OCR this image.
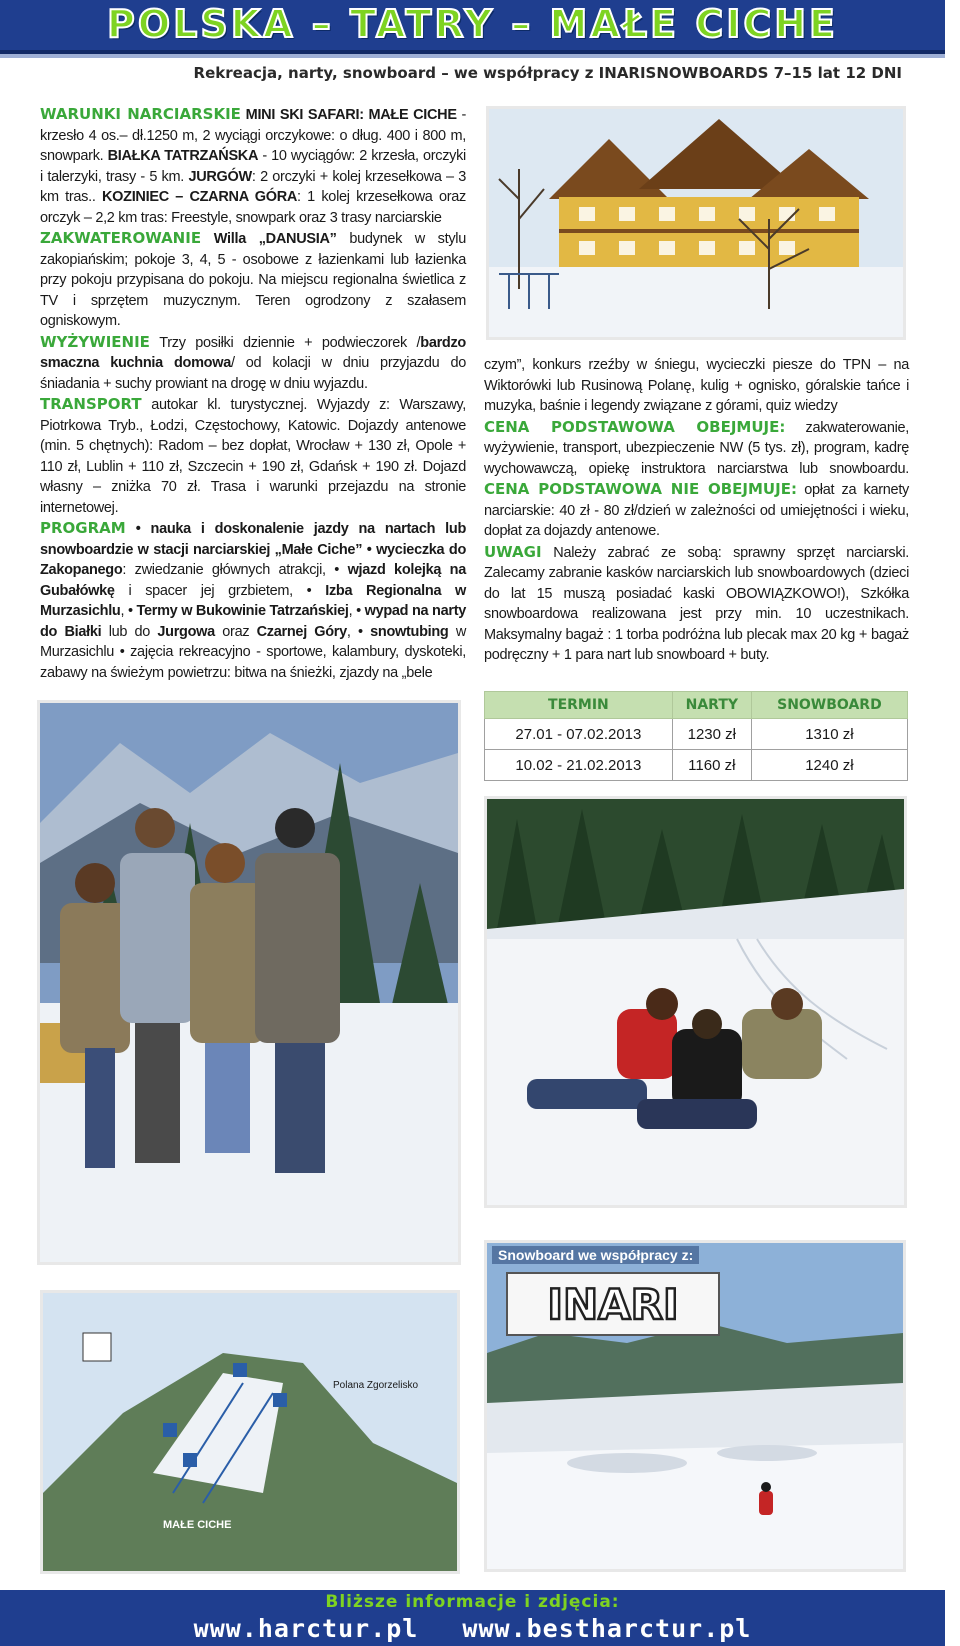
POLSKA – TATRY – MAŁE CICHE
Rekreacja, narty, snowboard – we współpracy z INARISNOWBOARDS 7–15 lat 12 DNI

WARUNKI NARCIARSKIE MINI SKI SAFARI: MAŁE CICHE - krzesło 4 os.– dł.1250 m, 2 wyciągi orczykowe: o dług. 400 i 800 m, snowpark. BIAŁKA TATRZAŃSKA - 10 wyciągów: 2 krzesła, orczyki i talerzyki, trasy - 5 km. JURGÓW: 2 orczyki + kolej krzesełkowa – 3 km tras.. KOZINIEC – CZARNA GÓRA: 1 kolej krzesełkowa oraz orczyk – 2,2 km tras: Freestyle, snowpark oraz 3 trasy narciarskie

ZAKWATEROWANIE Willa „DANUSIA” budynek w stylu zakopiańskim; pokoje 3, 4, 5 - osobowe z łazienkami lub łazienka przy pokoju przypisana do pokoju. Na miejscu regionalna świetlica z TV i sprzętem muzycznym. Teren ogrodzony z szałasem ogniskowym.

WYŻYWIENIE Trzy posiłki dziennie + podwieczorek /bardzo smaczna kuchnia domowa/ od kolacji w dniu przyjazdu do śniadania + suchy prowiant na drogę w dniu wyjazdu.

TRANSPORT autokar kl. turystycznej. Wyjazdy z: Warszawy, Piotrkowa Tryb., Łodzi, Częstochowy, Katowic. Dojazdy antenowe (min. 5 chętnych): Radom – bez dopłat, Wrocław + 130 zł, Opole + 110 zł, Lublin + 110 zł, Szczecin + 190 zł, Gdańsk + 190 zł. Dojazd własny – zniżka 70 zł. Trasa i warunki przejazdu na stronie internetowej.

PROGRAM • nauka i doskonalenie jazdy na nartach lub snowboardzie w stacji narciarskiej „Małe Ciche” • wycieczka do Zakopanego: zwiedzanie głównych atrakcji, • wjazd kolejką na Gubałówkę i spacer jej grzbietem, • Izba Regionalna w Murzasichlu, • Termy w Bukowinie Tatrzańskiej, • wypad na narty do Białki lub do Jurgowa oraz Czarnej Góry, • snowtubing w Murzasichlu • zajęcia rekreacyjno - sportowe, kalambury, dyskoteki, zabawy na świeżym powietrzu: bitwa na śnieżki, zjazdy na „bele

czym”, konkurs rzeźby w śniegu, wycieczki piesze do TPN – na Wiktorówki lub Rusinową Polanę, kulig + ognisko, góralskie tańce i muzyka, baśnie i legendy związane z górami, quiz wiedzy

CENA PODSTAWOWA OBEJMUJE: zakwaterowanie, wyżywienie, transport, ubezpieczenie NW (5 tys. zł), program, kadrę wychowawczą, opiekę instruktora narciarstwa lub snowboardu. CENA PODSTAWOWA NIE OBEJMUJE: opłat za karnety narciarskie: 40 zł - 80 zł/dzień w zależności od umiejętności i wieku, dopłat za dojazdy antenowe.

UWAGI Należy zabrać ze sobą: sprawny sprzęt narciarski. Zalecamy zabranie kasków narciarskich lub snowboardowych (dzieci do lat 15 muszą posiadać kaski OBOWIĄZKOWO!), Szkółka snowboardowa realizowana jest przy min. 10 uczestnikach. Maksymalny bagaż : 1 torba podróżna lub plecak max 20 kg + bagaż podręczny + 1 para nart lub snowboard + buty.

TERMIN	NARTY	SNOWBOARD
27.01 - 07.02.2013	1230 zł	1310 zł
10.02 - 21.02.2013	1160 zł	1240 zł
Polana Zgorzelisko
MAŁE CICHE
Snowboard we współpracy z:
INARI
Bliższe informacje i zdjęcia:
www.harctur.pl www.bestharctur.pl
